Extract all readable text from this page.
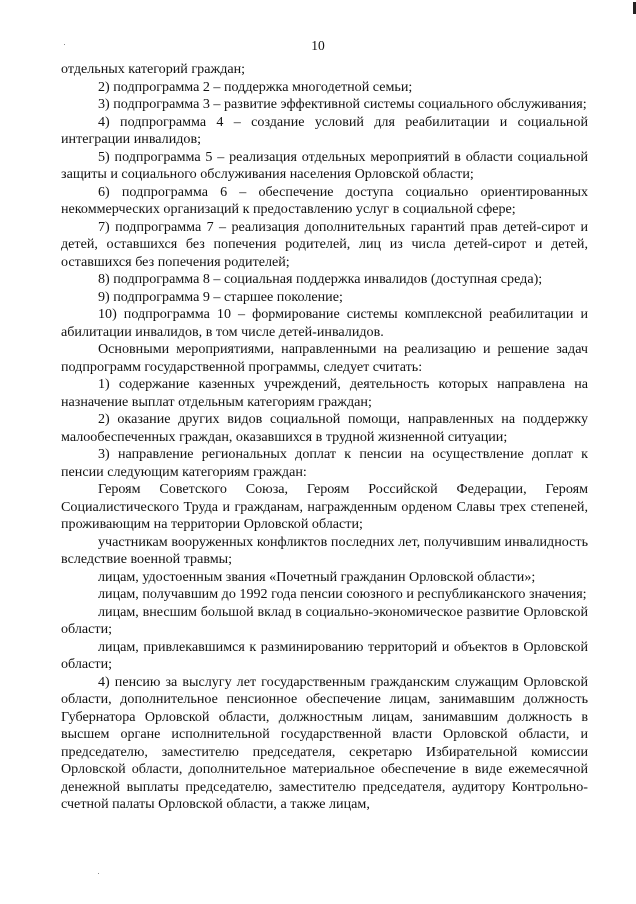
10

отдельных категорий граждан;

2) подпрограмма 2 – поддержка многодетной семьи;

3) подпрограмма 3 – развитие эффективной системы социального обслуживания;

4) подпрограмма 4 – создание условий для реабилитации и социальной интеграции инвалидов;

5) подпрограмма 5 – реализация отдельных мероприятий в области социальной защиты и социального обслуживания населения Орловской области;

6) подпрограмма 6 – обеспечение доступа социально ориентированных некоммерческих организаций к предоставлению услуг в социальной сфере;

7) подпрограмма 7 – реализация дополнительных гарантий прав детей-сирот и детей, оставшихся без попечения родителей, лиц из числа детей-сирот и детей, оставшихся без попечения родителей;

8) подпрограмма 8 – социальная поддержка инвалидов (доступная среда);

9) подпрограмма 9 – старшее поколение;

10) подпрограмма 10 – формирование системы комплексной реабилитации и абилитации инвалидов, в том числе детей-инвалидов.

Основными мероприятиями, направленными на реализацию и решение задач подпрограмм государственной программы, следует считать:

1) содержание казенных учреждений, деятельность которых направлена на назначение выплат отдельным категориям граждан;

2) оказание других видов социальной помощи, направленных на поддержку малообеспеченных граждан, оказавшихся в трудной жизненной ситуации;

3) направление региональных доплат к пенсии на осуществление доплат к пенсии следующим категориям граждан:

Героям Советского Союза, Героям Российской Федерации, Героям Социалистического Труда и гражданам, награжденным орденом Славы трех степеней, проживающим на территории Орловской области;

участникам вооруженных конфликтов последних лет, получившим инвалидность вследствие военной травмы;

лицам, удостоенным звания «Почетный гражданин Орловской области»;

лицам, получавшим до 1992 года пенсии союзного и республиканского значения;

лицам, внесшим большой вклад в социально-экономическое развитие Орловской области;

лицам, привлекавшимся к разминированию территорий и объектов в Орловской области;

4) пенсию за выслугу лет государственным гражданским служащим Орловской области, дополнительное пенсионное обеспечение лицам, занимавшим должность Губернатора Орловской области, должностным лицам, занимавшим должность в высшем органе исполнительной государственной власти Орловской области, и председателю, заместителю председателя, секретарю Избирательной комиссии Орловской области, дополнительное материальное обеспечение в виде ежемесячной денежной выплаты председателю, заместителю председателя, аудитору Контрольно-счетной палаты Орловской области, а также лицам,
